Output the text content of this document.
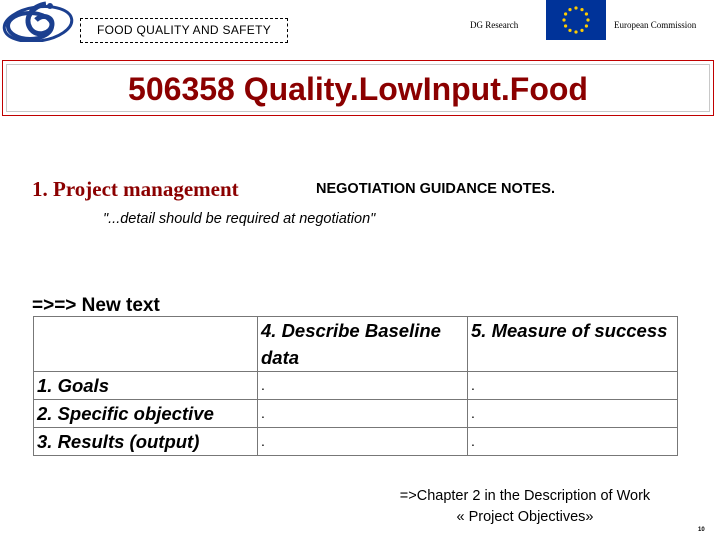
FOOD QUALITY AND SAFETY	DG Research	European Commission
506358 Quality.LowInput.Food
1. Project management	NEGOTIATION GUIDANCE NOTES.
"...detail should be required at negotiation"
=>=> New text
	4. Describe Baseline data	5. Measure of success
1. Goals	.	.
2. Specific objective	.	.
3. Results (output)	.	.
=>Chapter 2 in the Description of Work
« Project Objectives»
10
